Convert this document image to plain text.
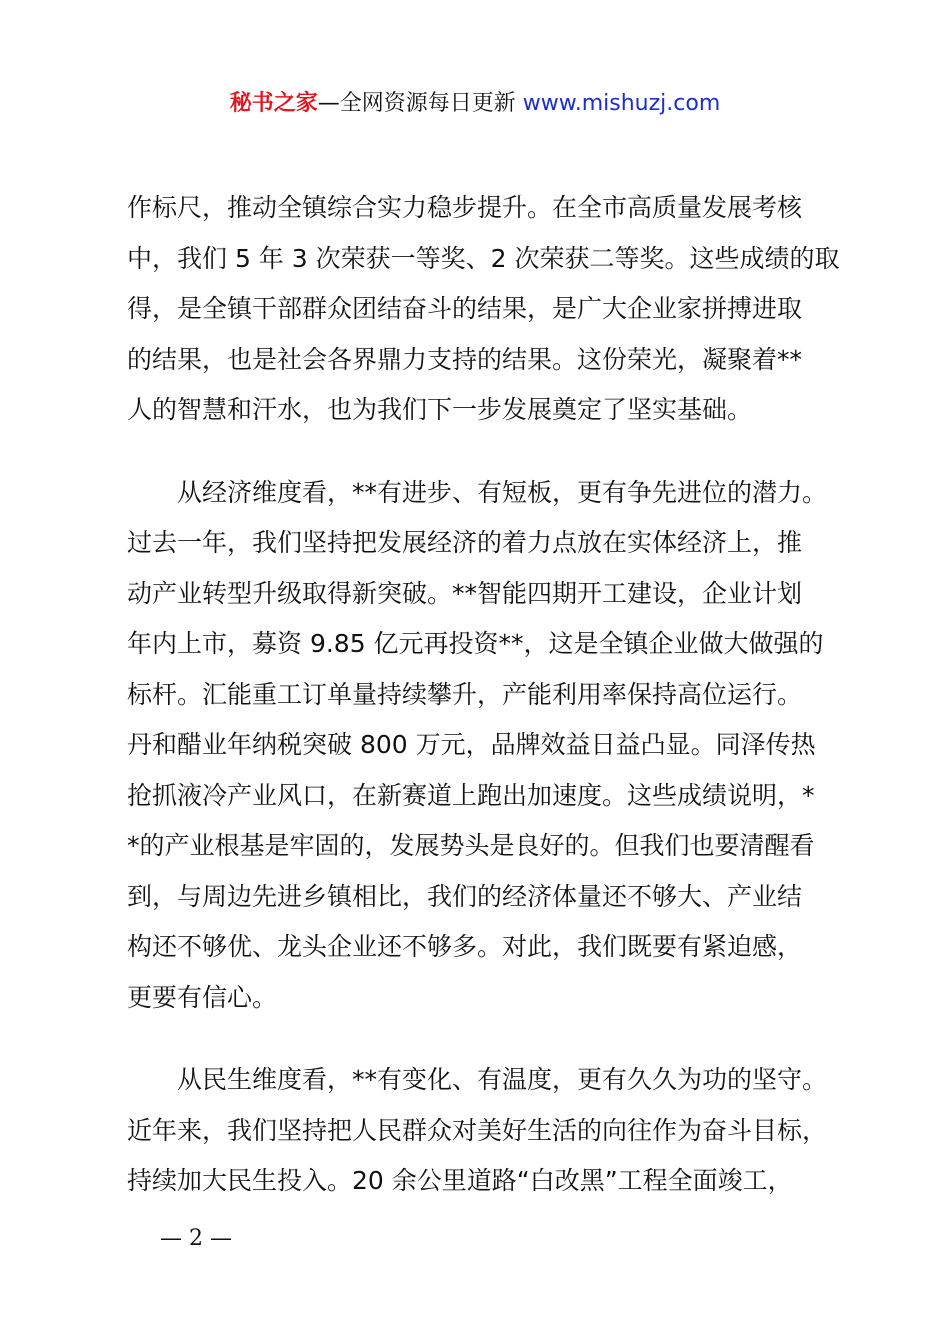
秘书之家—全网资源每日更新 www.mishuzj.com
作标尺，推动全镇综合实力稳步提升。在全市高质量发展考核
中，我们 5 年 3 次荣获一等奖、2 次荣获二等奖。这些成绩的取
得，是全镇干部群众团结奋斗的结果，是广大企业家拼搏进取
的结果，也是社会各界鼎力支持的结果。这份荣光，凝聚着**
人的智慧和汗水，也为我们下一步发展奠定了坚实基础。
从经济维度看，**有进步、有短板，更有争先进位的潜力。
过去一年，我们坚持把发展经济的着力点放在实体经济上，推
动产业转型升级取得新突破。**智能四期开工建设，企业计划
年内上市，募资 9.85 亿元再投资**，这是全镇企业做大做强的
标杆。汇能重工订单量持续攀升，产能利用率保持高位运行。
丹和醋业年纳税突破 800 万元，品牌效益日益凸显。同泽传热
抢抓液冷产业风口，在新赛道上跑出加速度。这些成绩说明，*
*的产业根基是牢固的，发展势头是良好的。但我们也要清醒看
到，与周边先进乡镇相比，我们的经济体量还不够大、产业结
构还不够优、龙头企业还不够多。对此，我们既要有紧迫感，
更要有信心。
从民生维度看，**有变化、有温度，更有久久为功的坚守。
近年来，我们坚持把人民群众对美好生活的向往作为奋斗目标，
持续加大民生投入。20 余公里道路“白改黑”工程全面竣工，
— 2 —
